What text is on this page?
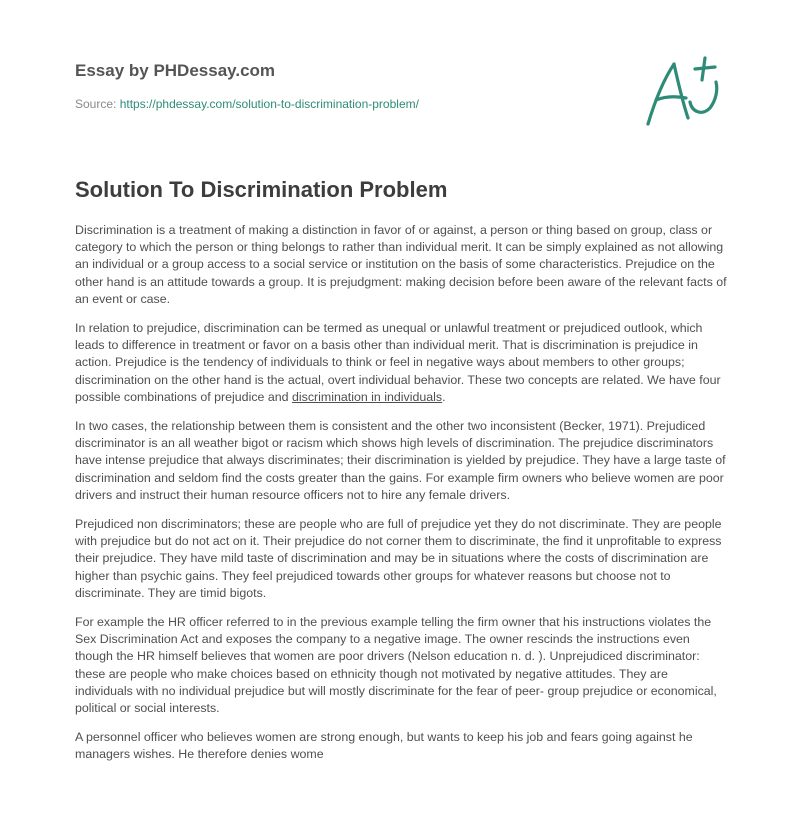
Essay by PHDessay.com
Source: https://phdessay.com/solution-to-discrimination-problem/
Solution To Discrimination Problem

Discrimination is a treatment of making a distinction in favor of or against, a person or thing based on group, class or category to which the person or thing belongs to rather than individual merit. It can be simply explained as not allowing an individual or a group access to a social service or institution on the basis of some characteristics. Prejudice on the other hand is an attitude towards a group. It is prejudgment: making decision before been aware of the relevant facts of an event or case.

In relation to prejudice, discrimination can be termed as unequal or unlawful treatment or prejudiced outlook, which leads to difference in treatment or favor on a basis other than individual merit. That is discrimination is prejudice in action. Prejudice is the tendency of individuals to think or feel in negative ways about members to other groups; discrimination on the other hand is the actual, overt individual behavior. These two concepts are related. We have four possible combinations of prejudice and discrimination in individuals.

In two cases, the relationship between them is consistent and the other two inconsistent (Becker, 1971). Prejudiced discriminator is an all weather bigot or racism which shows high levels of discrimination. The prejudice discriminators have intense prejudice that always discriminates; their discrimination is yielded by prejudice. They have a large taste of discrimination and seldom find the costs greater than the gains. For example firm owners who believe women are poor drivers and instruct their human resource officers not to hire any female drivers.

Prejudiced non discriminators; these are people who are full of prejudice yet they do not discriminate. They are people with prejudice but do not act on it. Their prejudice do not corner them to discriminate, the find it unprofitable to express their prejudice. They have mild taste of discrimination and may be in situations where the costs of discrimination are higher than psychic gains. They feel prejudiced towards other groups for whatever reasons but choose not to discriminate. They are timid bigots.

For example the HR officer referred to in the previous example telling the firm owner that his instructions violates the Sex Discrimination Act and exposes the company to a negative image. The owner rescinds the instructions even though the HR himself believes that women are poor drivers (Nelson education n. d. ). Unprejudiced discriminator: these are people who make choices based on ethnicity though not motivated by negative attitudes. They are individuals with no individual prejudice but will mostly discriminate for the fear of peer- group prejudice or economical, political or social interests.

A personnel officer who believes women are strong enough, but wants to keep his job and fears going against he managers wishes. He therefore denies wome
